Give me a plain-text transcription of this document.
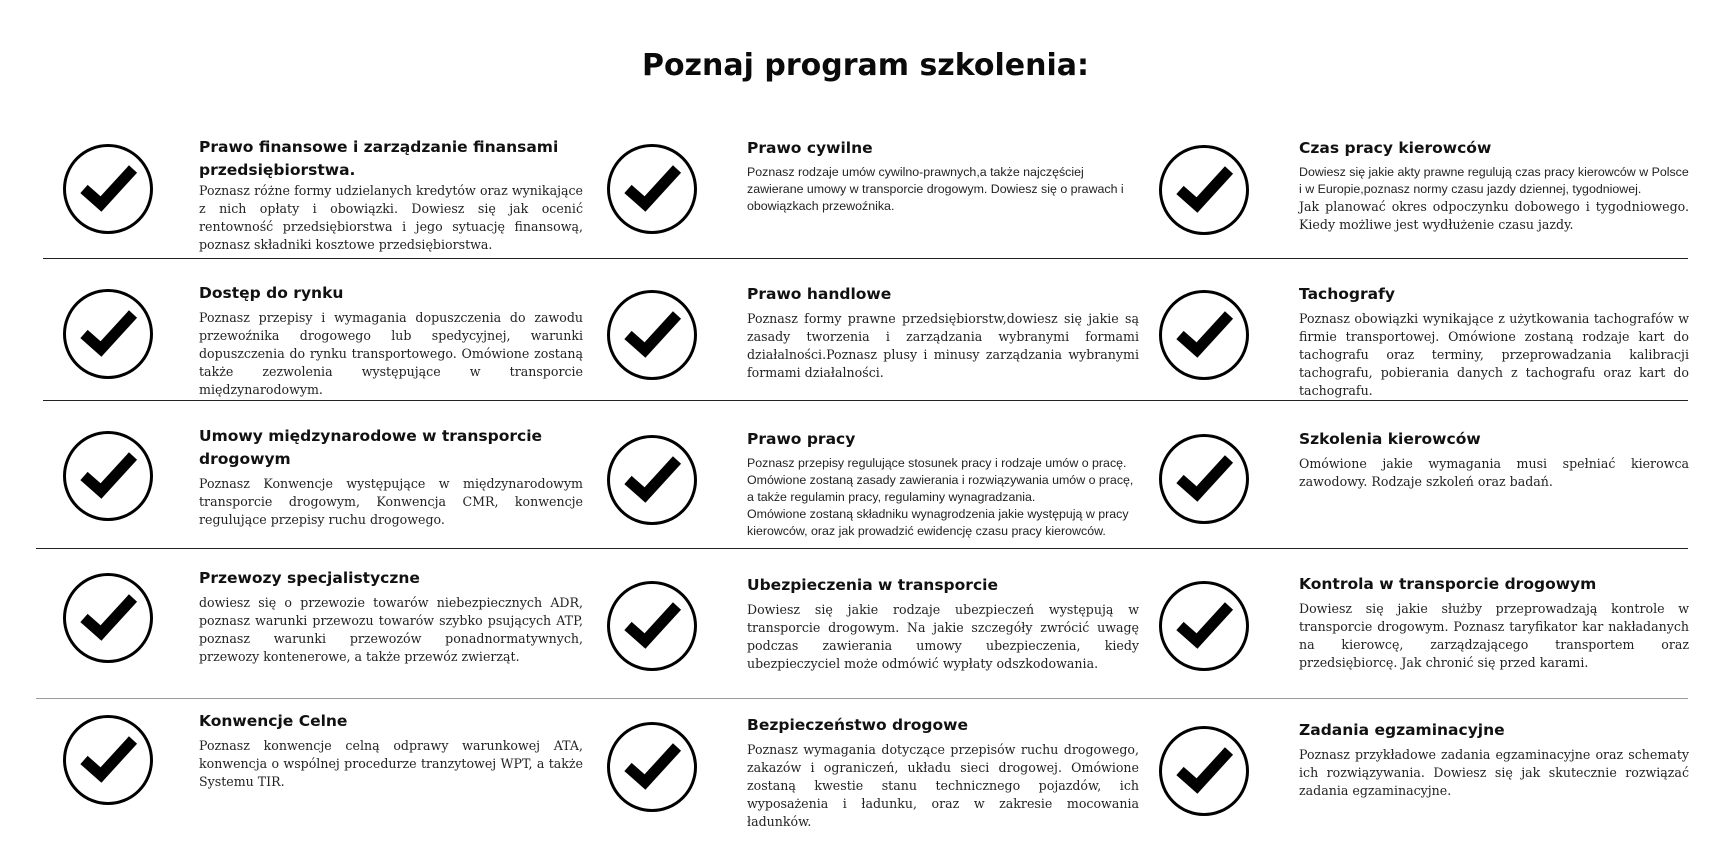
Poznaj program szkolenia:
Prawo finansowe i zarządzanie finansami przedsiębiorstwa.

Poznasz różne formy udzielanych kredytów oraz wynikające z nich opłaty i obowiązki. Dowiesz się jak ocenić rentowność przedsiębiorstwa i jego sytuację finansową, poznasz składniki kosztowe przedsiębiorstwa.

Dostęp do rynku

Poznasz przepisy i wymagania dopuszczenia do zawodu przewoźnika drogowego lub spedycyjnej, warunki dopuszczenia do rynku transportowego. Omówione zostaną także zezwolenia występujące w transporcie międzynarodowym.

Umowy międzynarodowe w transporcie drogowym

Poznasz Konwencje występujące w międzynarodowym transporcie drogowym, Konwencja CMR, konwencje regulujące przepisy ruchu drogowego.

Przewozy specjalistyczne

dowiesz się o przewozie towarów niebezpiecznych ADR, poznasz warunki przewozu towarów szybko psujących ATP, poznasz warunki przewozów ponadnormatywnych, przewozy kontenerowe, a także przewóz zwierząt.

Konwencje Celne

Poznasz konwencje celną odprawy warunkowej ATA, konwencja o wspólnej procedurze tranzytowej WPT, a także Systemu TIR.

Prawo cywilne

Poznasz rodzaje umów cywilno-prawnych,a także najczęściej zawierane umowy w transporcie drogowym. Dowiesz się o prawach i obowiązkach przewoźnika.

Prawo handlowe

Poznasz formy prawne przedsiębiorstw,dowiesz się jakie są zasady tworzenia i zarządzania wybranymi formami działalności.Poznasz plusy i minusy zarządzania wybranymi formami działalności.

Prawo pracy

Poznasz przepisy regulujące stosunek pracy i rodzaje umów o pracę. Omówione zostaną zasady zawierania i rozwiązywania umów o pracę, a także regulamin pracy, regulaminy wynagradzania.

Omówione zostaną składniku wynagrodzenia jakie występują w pracy kierowców, oraz jak prowadzić ewidencję czasu pracy kierowców.

Ubezpieczenia w transporcie

Dowiesz się jakie rodzaje ubezpieczeń występują w transporcie drogowym. Na jakie szczegóły zwrócić uwagę podczas zawierania umowy ubezpieczenia, kiedy ubezpieczyciel może odmówić wypłaty odszkodowania.

Bezpieczeństwo drogowe

Poznasz wymagania dotyczące przepisów ruchu drogowego, zakazów i ograniczeń, układu sieci drogowej. Omówione zostaną kwestie stanu technicznego pojazdów, ich wyposażenia i ładunku, oraz w zakresie mocowania ładunków.

Czas pracy kierowców

Dowiesz się jakie akty prawne regulują czas pracy kierowców w Polsce i w Europie,poznasz normy czasu jazdy dziennej, tygodniowej.

Jak planować okres odpoczynku dobowego i tygodniowego. Kiedy możliwe jest wydłużenie czasu jazdy.

Tachografy

Poznasz obowiązki wynikające z użytkowania tachografów w firmie transportowej. Omówione zostaną rodzaje kart do tachografu oraz terminy, przeprowadzania kalibracji tachografu, pobierania danych z tachografu oraz kart do tachografu.

Szkolenia kierowców

Omówione jakie wymagania musi spełniać kierowca zawodowy. Rodzaje szkoleń oraz badań.

Kontrola w transporcie drogowym

Dowiesz się jakie służby przeprowadzają kontrole w transporcie drogowym. Poznasz taryfikator kar nakładanych na kierowcę, zarządzającego transportem oraz przedsiębiorcę. Jak chronić się przed karami.

Zadania egzaminacyjne

Poznasz przykładowe zadania egzaminacyjne oraz schematy ich rozwiązywania. Dowiesz się jak skutecznie rozwiązać zadania egzaminacyjne.
